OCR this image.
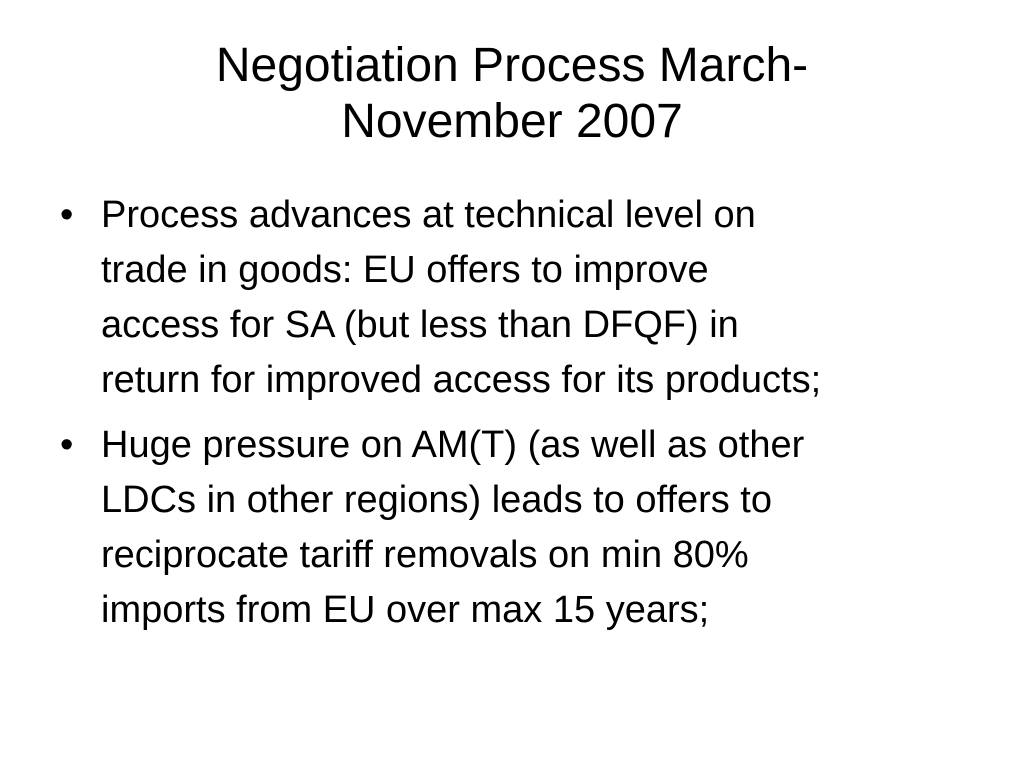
Negotiation Process March-
November 2007
• Process advances at technical level on
trade in goods: EU offers to improve
access for SA (but less than DFQF) in
return for improved access for its products;
• Huge pressure on AM(T) (as well as other
LDCs in other regions) leads to offers to
reciprocate tariff removals on min 80%
imports from EU over max 15 years;
